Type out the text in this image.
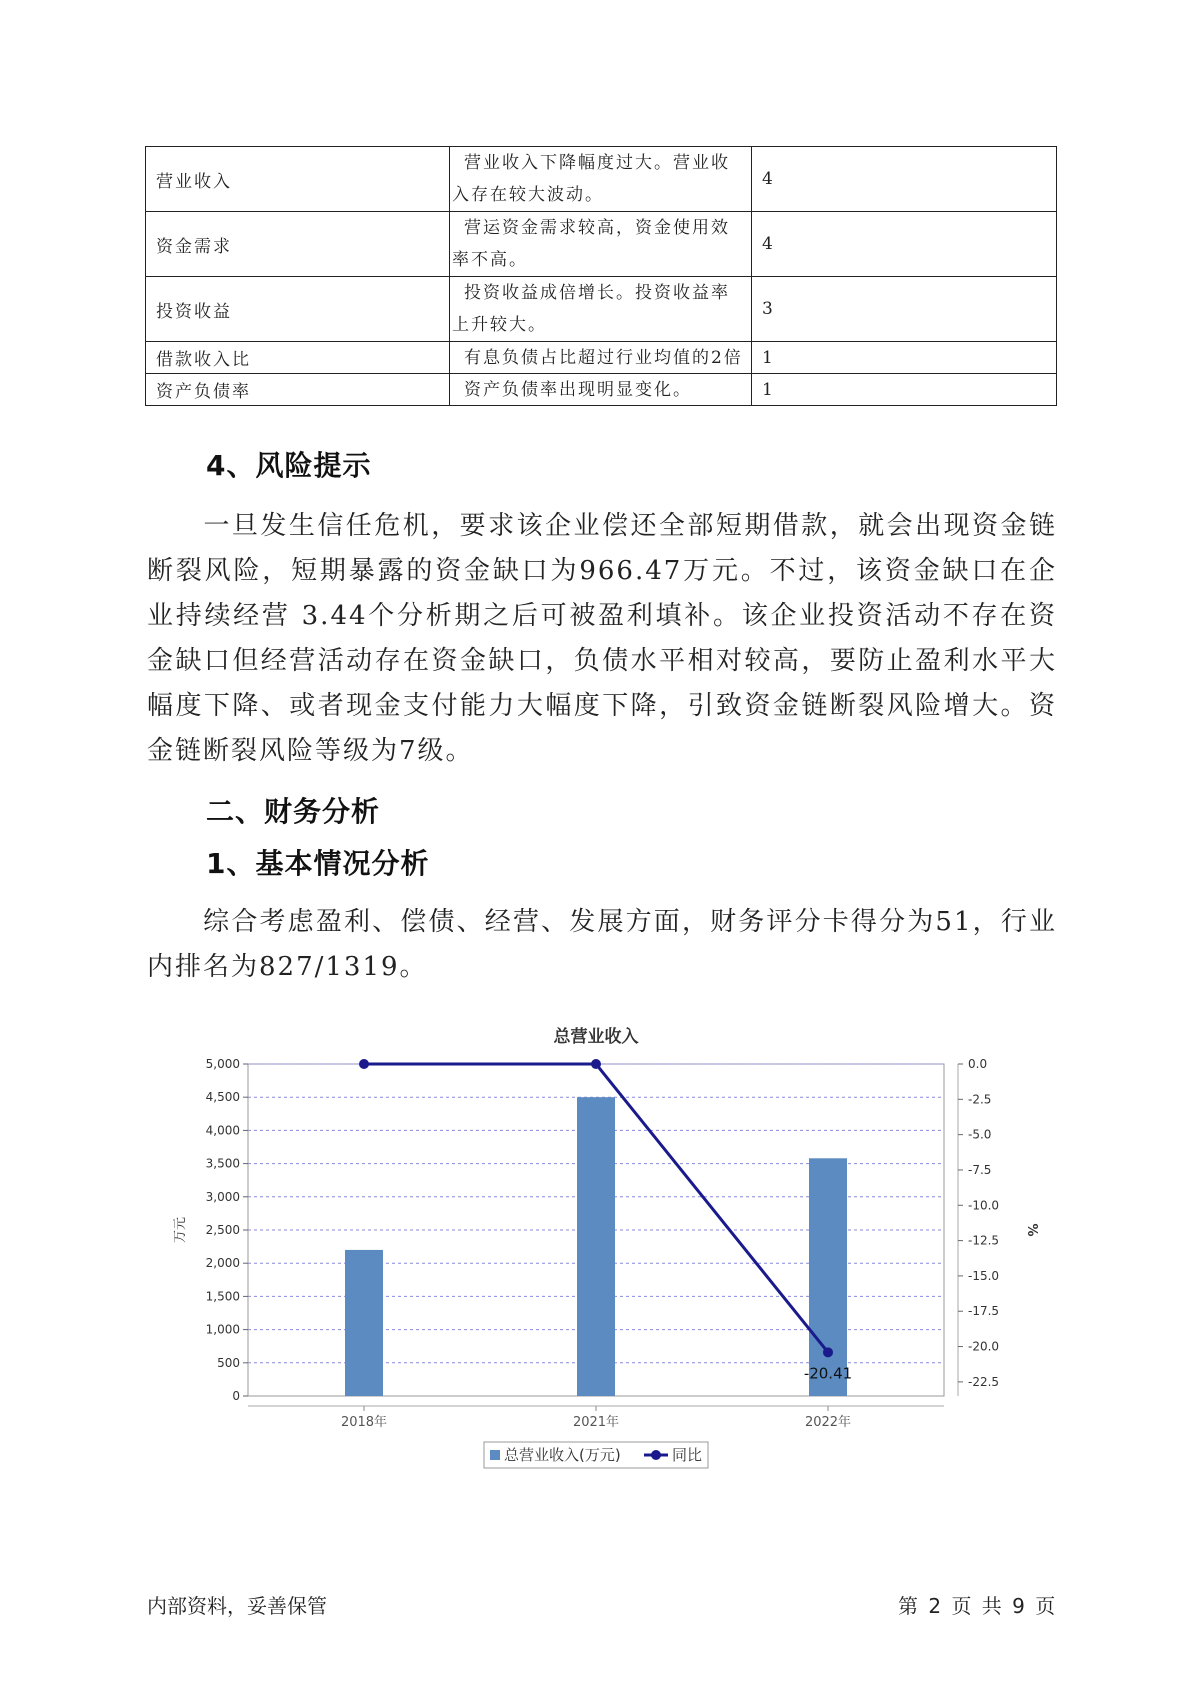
营业收入	营业收入下降幅度过大。营业收入存在较大波动。	4
资金需求	营运资金需求较高，资金使用效率不高。	4
投资收益	投资收益成倍增长。投资收益率上升较大。	3
借款收入比	有息负债占比超过行业均值的2倍	1
资产负债率	资产负债率出现明显变化。	1
4、风险提示
一旦发生信任危机，要求该企业偿还全部短期借款，就会出现资金链断裂风险，短期暴露的资金缺口为966.47万元。不过，该资金缺口在企业持续经营 3.44个分析期之后可被盈利填补。该企业投资活动不存在资金缺口但经营活动存在资金缺口，负债水平相对较高，要防止盈利水平大幅度下降、或者现金支付能力大幅度下降，引致资金链断裂风险增大。资金链断裂风险等级为7级。
二、财务分析
1、基本情况分析
综合考虑盈利、偿债、经营、发展方面，财务评分卡得分为51，行业内排名为827/1319。
总营业收入
0
500
1,000
1,500
2,000
2,500
3,000
3,500
4,000
4,500
5,000	0.0
-2.5
-5.0
-7.5
-10.0
-12.5
-15.0
-17.5
-20.0
-22.5
万元	%
2018年	2021年	2022年
-20.41
总营业收入(万元)	同比
内部资料，妥善保管	第 2 页 共 9 页
